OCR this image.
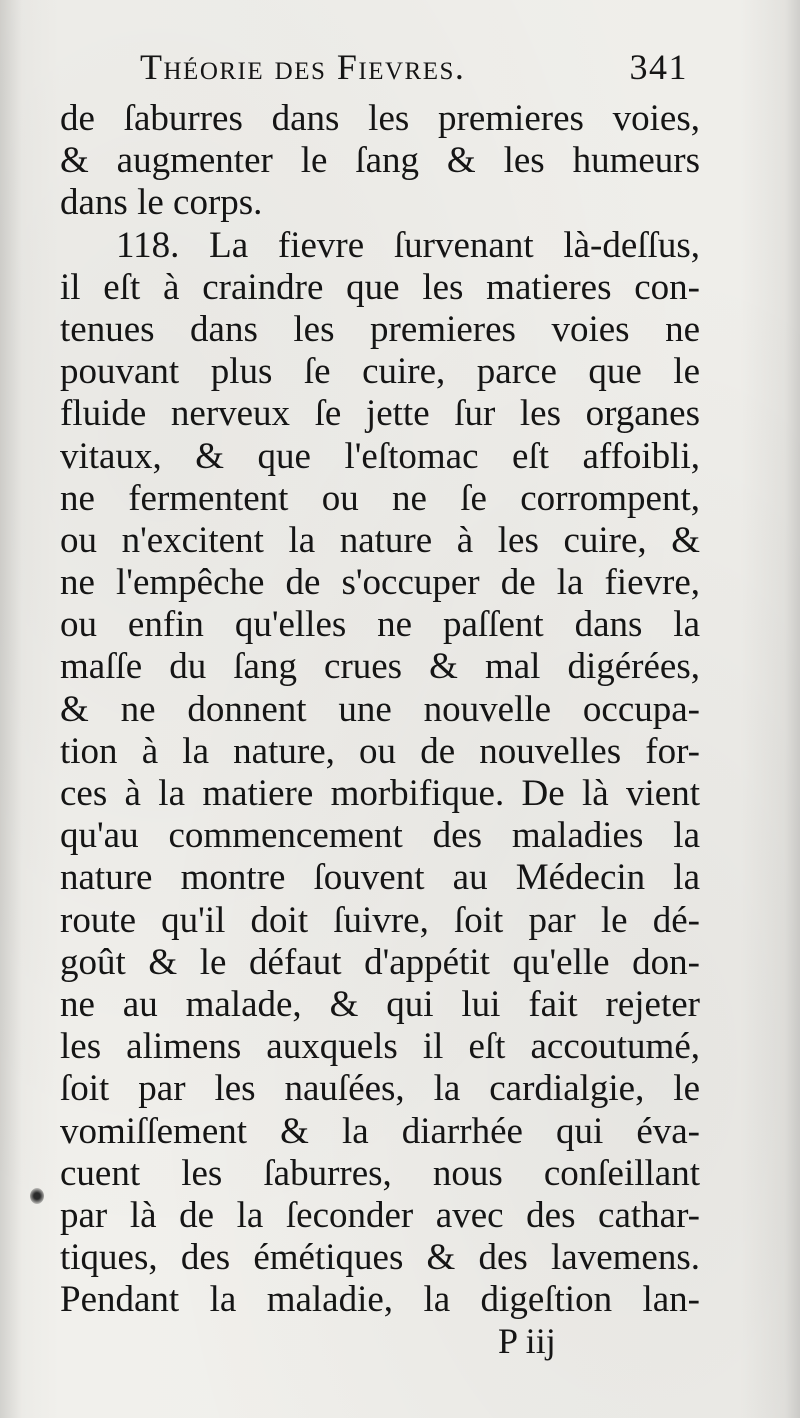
Théorie des Fievres.	341
de ſaburres dans les premieres voies,
& augmenter le ſang & les humeurs
dans le corps.
118. La fievre ſurvenant là-deſſus,
il eſt à craindre que les matieres con-
tenues dans les premieres voies ne
pouvant plus ſe cuire, parce que le
fluide nerveux ſe jette ſur les organes
vitaux, & que l'eſtomac eſt affoibli,
ne fermentent ou ne ſe corrompent,
ou n'excitent la nature à les cuire, &
ne l'empêche de s'occuper de la fievre,
ou enfin qu'elles ne paſſent dans la
maſſe du ſang crues & mal digérées,
& ne donnent une nouvelle occupa-
tion à la nature, ou de nouvelles for-
ces à la matiere morbifique. De là vient
qu'au commencement des maladies la
nature montre ſouvent au Médecin la
route qu'il doit ſuivre, ſoit par le dé-
goût & le défaut d'appétit qu'elle don-
ne au malade, & qui lui fait rejeter
les alimens auxquels il eſt accoutumé,
ſoit par les nauſées, la cardialgie, le
vomiſſement & la diarrhée qui éva-
cuent les ſaburres, nous conſeillant
par là de la ſeconder avec des cathar-
tiques, des émétiques & des lavemens.
Pendant la maladie, la digeſtion lan-
P iij
